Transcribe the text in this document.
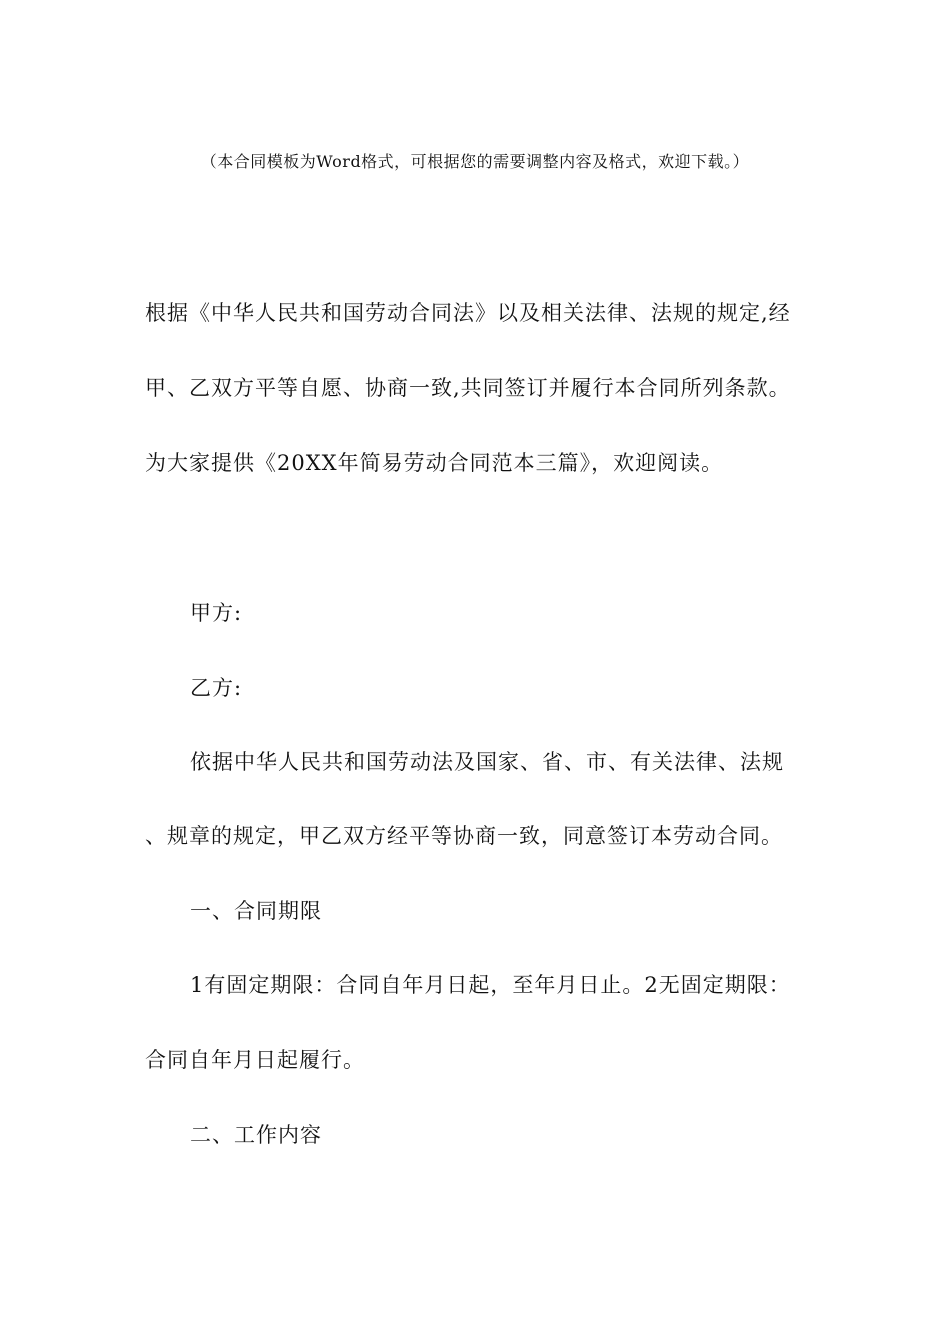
（本合同模板为Word格式，可根据您的需要调整内容及格式，欢迎下载。）
根据《中华人民共和国劳动合同法》以及相关法律、法规的规定,经
甲、乙双方平等自愿、协商一致,共同签订并履行本合同所列条款。
为大家提供《20XX年简易劳动合同范本三篇》，欢迎阅读。
甲方:
乙方:
依据中华人民共和国劳动法及国家、省、市、有关法律、法规
、规章的规定，甲乙双方经平等协商一致，同意签订本劳动合同。
一、合同期限
1有固定期限：合同自年月日起，至年月日止。2无固定期限：
合同自年月日起履行。
二、工作内容
